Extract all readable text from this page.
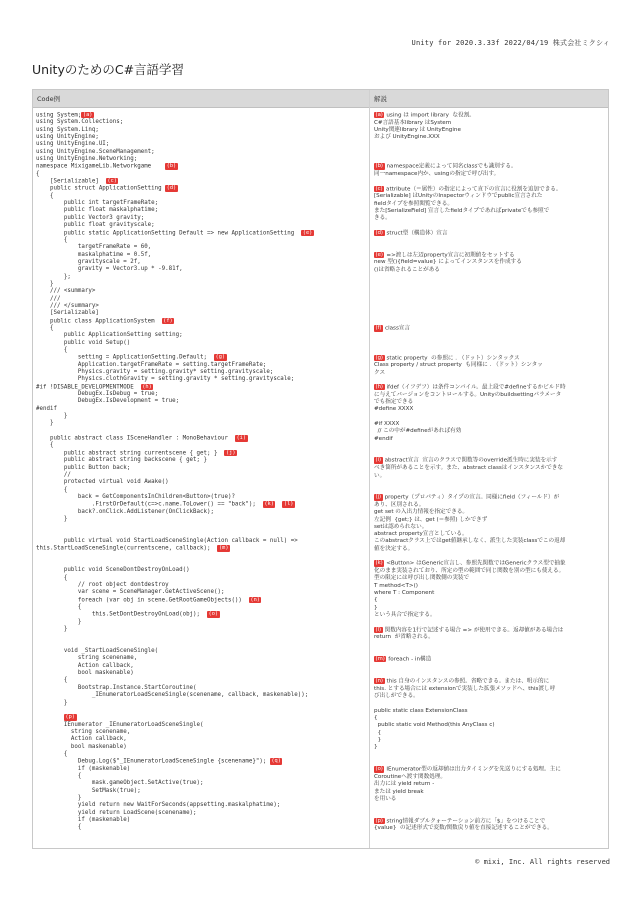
Unity for 2020.3.33f 2022/04/19 株式会社ミクシィ
UnityのためのC#言語学習
Code例	解説
using System; (a)
using System.Collections;
using System.Linq;
using UnityEngine;
using UnityEngine.UI;
using UnityEngine.SceneManagement;
using UnityEngine.Networking;
namespace MixigameLib.Networkgame    (b)
{
[Serializable]  (c)
public struct ApplicationSetting (d)
{
public int targetFrameRate;
public float maskalphatime;
public Vector3 gravity;
public float gravityscale;
public static ApplicationSetting Default => new ApplicationSetting  (e)
{
targetFrameRate = 60,
maskalphatime = 0.5f,
gravityscale = 2f,
gravity = Vector3.up * -9.81f,
};
}
/// <summary>
///
/// </summary>
[Serializable]
public class ApplicationSystem  (f)
{
public ApplicationSetting setting;
public void Setup()
{
setting = ApplicationSetting.Default;  (g)
Application.targetFrameRate = setting.targetFrameRate;
Physics.gravity = setting.gravity* setting.gravityscale;
Physics.clothGravity = setting.gravity * setting.gravityscale;
#if !DISABLE_DEVELOPMENTMODE  (h)
DebugEx.IsDebug = true;
DebugEx.IsDevelopment = true;
#endif
}
}
public abstract class ISceneHandler : MonoBehaviour  (i)
{
public abstract string currentscene { get; }  (j)
public abstract string backscene { get; }
public Button back;
//
protected virtual void Awake()
{
back = GetComponentsInChildren<Button>(true)?
.FirstOrDefault(c=>c.name.ToLower() == "back");  (k) (l)
back?.onClick.AddListener(OnClickBack);
}
public virtual void StartLoadSceneSingle(Action callback = null) =>
this.StartLoadSceneSingle(currentscene, callback);  (m)
public void SceneDontDestroyOnLoad()
{
// root object dontdestroy
var scene = SceneManager.GetActiveScene();
foreach (var obj in scene.GetRootGameObjects())  (n)
{
this.SetDontDestroyOnLoad(obj);  (o)
}
}
void _StartLoadSceneSingle(
string scenename,
Action callback,
bool maskenable)
{
Bootstrap.Instance.StartCoroutine(
_IEnumeratorLoadSceneSingle(scenename, callback, maskenable));
}
(p)
IEnumerator _IEnumeratorLoadSceneSingle(
string scenename,
Action callback,
bool maskenable)
{
Debug.Log($"_IEnumeratorLoadSceneSingle {scenename}"); (q)
if (maskenable)
{
mask.gameObject.SetActive(true);
SetMask(true);
}
yield return new WaitForSeconds(appsetting.maskalphatime);
yield return LoadScene(scenename);
if (maskenable)
{
(a) using は import library  な役割。
C#言語基本library はSystem
Unity関連library は UnityEngine
および UnityEngine.XXX
(b) namespace定義によって同名classでも識別する。
同一namespace内か、usingの指定で呼び出す。
(c) attribute（＝属性）の指定によって直下の宣言に役割を追加できる。
[Serializable] はUnityのInspectorウィンドウでpublic宣言された
fieldタイプを参照閲覧できる。
また[SerializeField] 宣言したfieldタイプであればprivateでも参照で
きる。
(d) struct型（構造体）宣言
(e) =>渡しは左辺property宣言に初期値をセットする
new 型(){field=value} によってインスタンスを作成する
()は省略されることがある
(f) class宣言
(g) static property  の参照に . （ドット）シンタックス
Class property / struct property  も同様に . （ドット）シンタッ
クス
(h) ifdef（イフデフ）は条件コンパイル。最上段で#defineするかビルド時
に与えてバージョンをコントロールする。Unityのbuildsettingパラメータ
でも指定できる
#define XXXX

#if XXXX
// この中が#defineがあれば有効
#endif
(i) abstract宣言  宣言のクラスで関数等のoverride派生時に実装を示す
べき箇所があることを示す。また、abstract classはインスタンスかできな
い。
(j) property（プロパティ）タイプの宣言。同様にfield（フィールド）が
あり、区別される。
get set の入出力情報を指定できる。
左記例  {get;} は、get (＝参照) しかできず
setは認められない。
abstract property宣言としている。
このabstractクラス上ではget値継承しなく、派生した実装classでこの返却
値を決定する。
(k) <Button> はGeneric宣言し、参照先関数ではGenericクラス型で抽象
化のまま実装されており、所定の型の範囲で同じ関数を別の型にも使える。
型の限定には呼び出し関数側の実装で
T method<T>()
where T : Component
{
}
という具合で指定する。
(l) 関数内容を1行で記述する場合 => が使用できる。返却値がある場合は
return  が省略される。
(m) foreach - in構造
(n) this 自身のインスタンスの参照。省略できる。または、明示的に
this. とする場合には extensionで実装した拡張メソッドへ、this渡し呼
び出しができる。

public static class ExtensionClass
{
public static void Method(this AnyClass c)
{
}
}
(o) IEnumerator型の返却値は出力タイミングを先送りにする処理。主に
Coroutineへ渡す関数処理。
出力には yield return -
または yield break
を用いる
(p) string情報ダブルクォーテーション前方に「$」をつけることで
{value}  の記述形式で変数/関数戻り値を直接記述することができる。
© mixi, Inc. All rights reserved
